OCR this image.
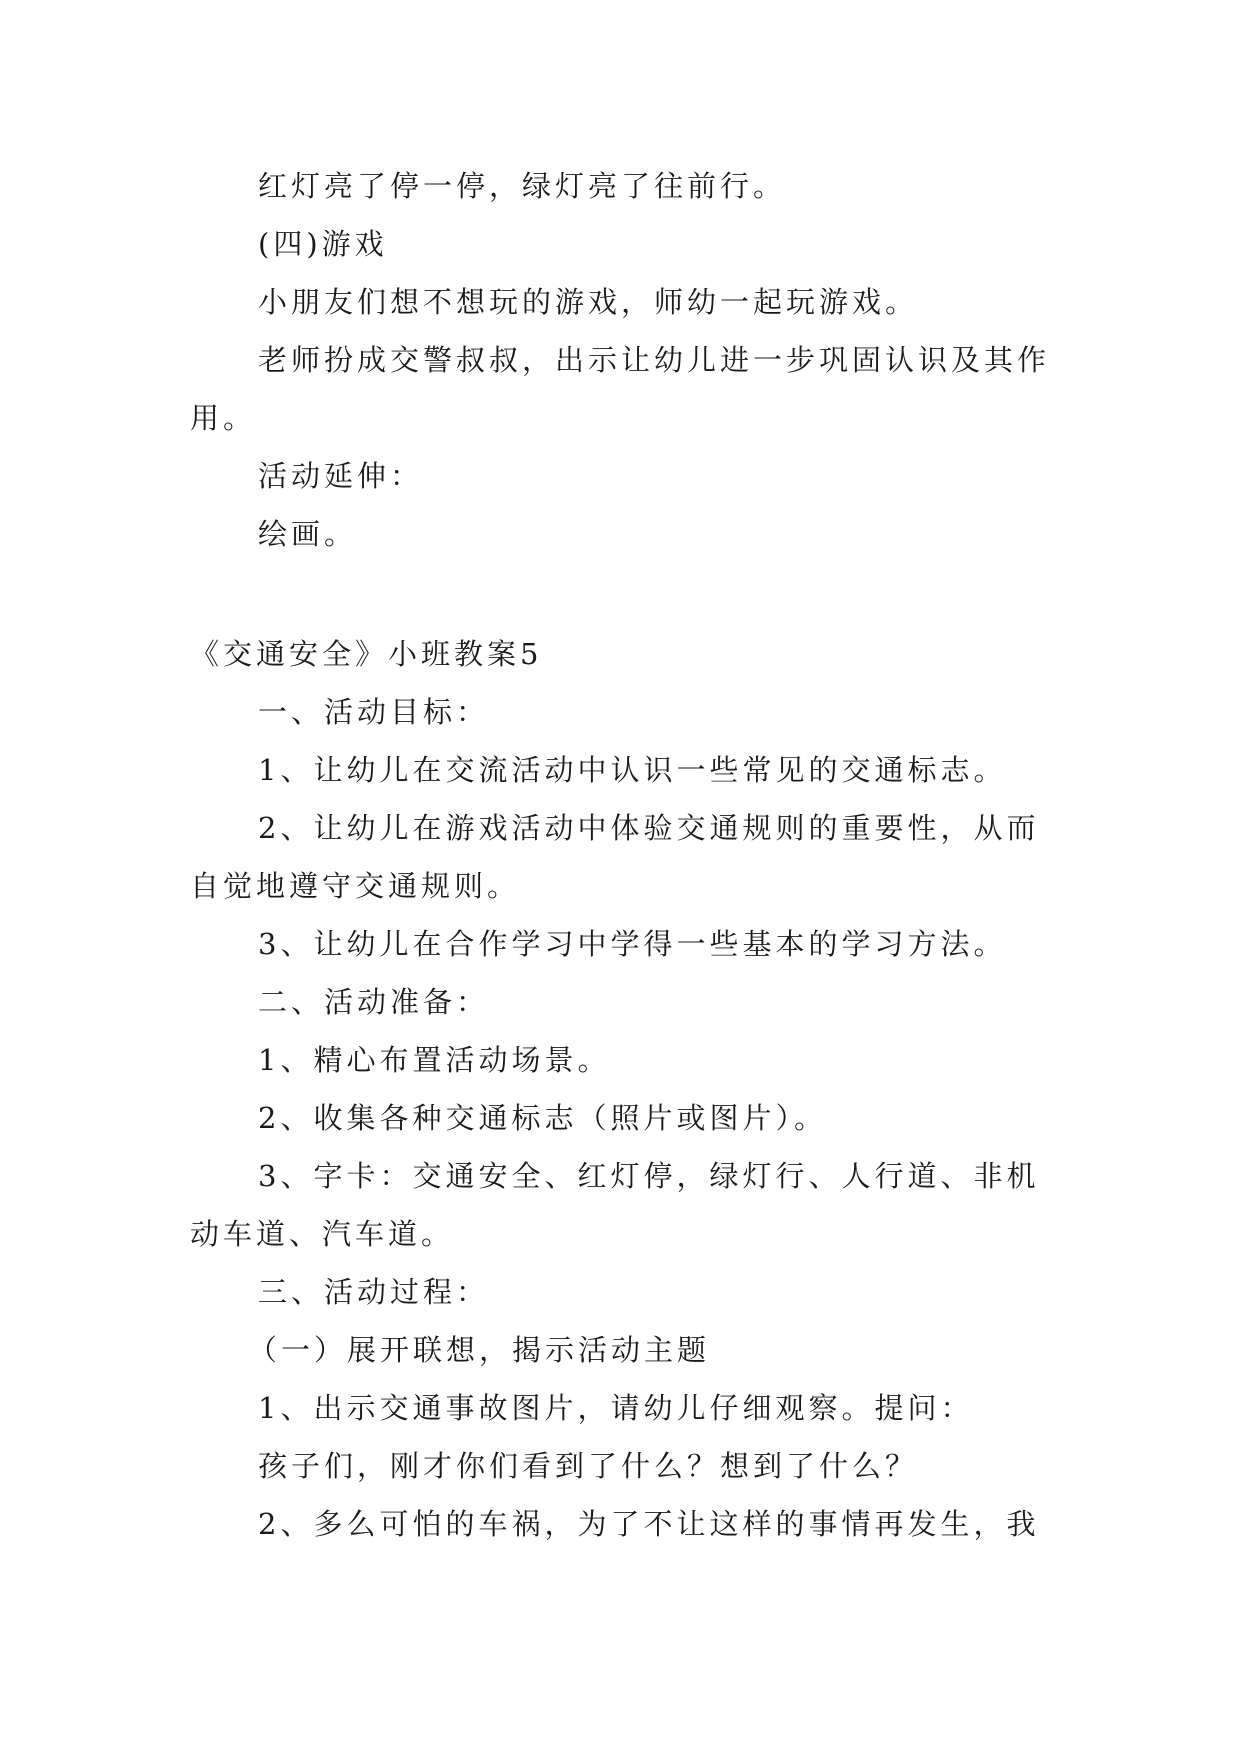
红灯亮了停一停，绿灯亮了往前行。
(四)游戏
小朋友们想不想玩的游戏，师幼一起玩游戏。
老师扮成交警叔叔，出示让幼儿进一步巩固认识及其作
用。
活动延伸：
绘画。
《交通安全》小班教案5
一、活动目标：
1、让幼儿在交流活动中认识一些常见的交通标志。
2、让幼儿在游戏活动中体验交通规则的重要性，从而
自觉地遵守交通规则。
3、让幼儿在合作学习中学得一些基本的学习方法。
二、活动准备：
1、精心布置活动场景。
2、收集各种交通标志（照片或图片）。
3、字卡：交通安全、红灯停，绿灯行、人行道、非机
动车道、汽车道。
三、活动过程：
（一）展开联想，揭示活动主题
1、出示交通事故图片，请幼儿仔细观察。提问：
孩子们，刚才你们看到了什么？想到了什么？
2、多么可怕的车祸，为了不让这样的事情再发生，我
